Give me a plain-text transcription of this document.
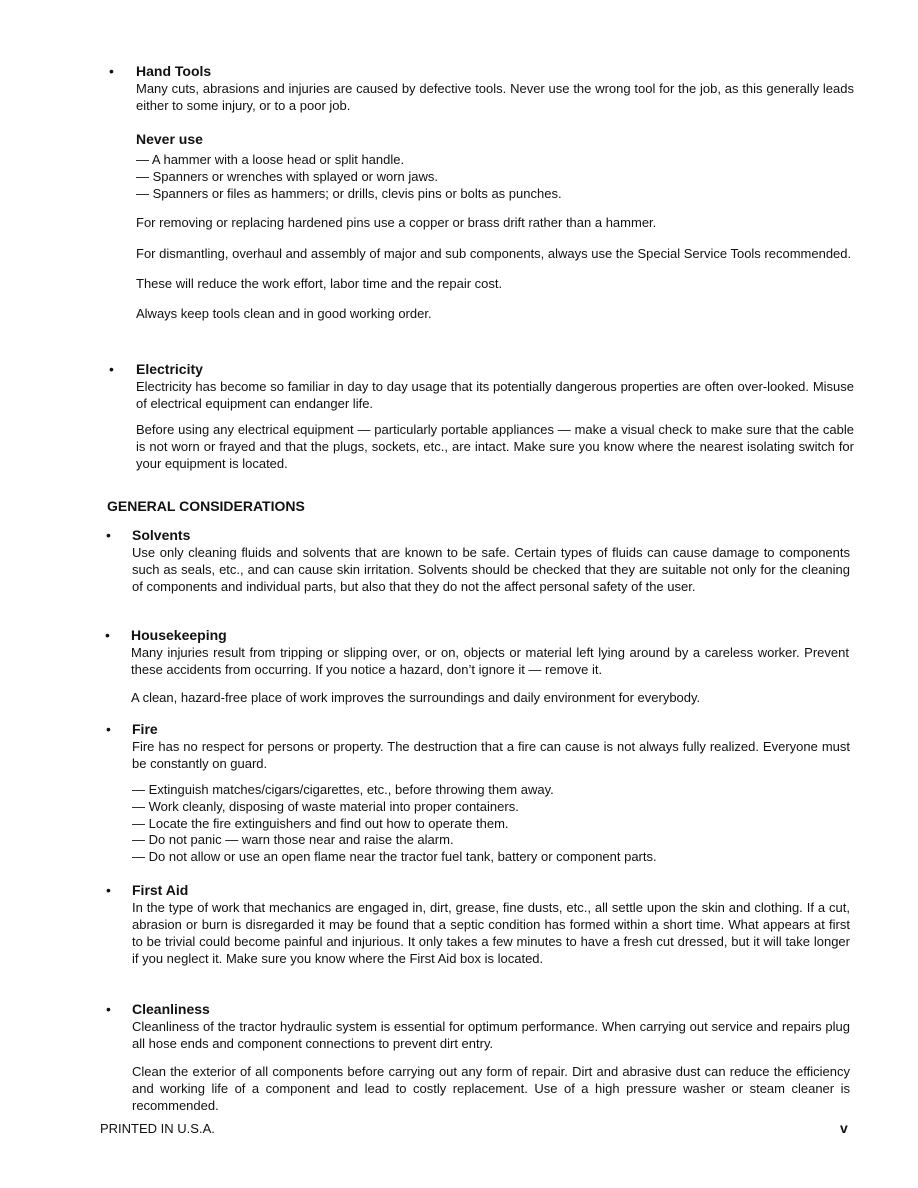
• Hand Tools

Many cuts, abrasions and injuries are caused by defective tools. Never use the wrong tool for the job, as this generally leads either to some injury, or to a poor job.

Never use

— A hammer with a loose head or split handle.
— Spanners or wrenches with splayed or worn jaws.
— Spanners or files as hammers; or drills, clevis pins or bolts as punches.

For removing or replacing hardened pins use a copper or brass drift rather than a hammer.

For dismantling, overhaul and assembly of major and sub components, always use the Special Service Tools recommended.

These will reduce the work effort, labor time and the repair cost.

Always keep tools clean and in good working order.

• Electricity

Electricity has become so familiar in day to day usage that its potentially dangerous properties are often over-looked. Misuse of electrical equipment can endanger life.

Before using any electrical equipment — particularly portable appliances — make a visual check to make sure that the cable is not worn or frayed and that the plugs, sockets, etc., are intact. Make sure you know where the nearest isolating switch for your equipment is located.

GENERAL CONSIDERATIONS
• Solvents

Use only cleaning fluids and solvents that are known to be safe. Certain types of fluids can cause damage to components such as seals, etc., and can cause skin irritation. Solvents should be checked that they are suitable not only for the cleaning of components and individual parts, but also that they do not the affect personal safety of the user.

• Housekeeping

Many injuries result from tripping or slipping over, or on, objects or material left lying around by a careless worker. Prevent these accidents from occurring. If you notice a hazard, don’t ignore it — remove it.

A clean, hazard-free place of work improves the surroundings and daily environment for everybody.

• Fire

Fire has no respect for persons or property. The destruction that a fire can cause is not always fully realized. Everyone must be constantly on guard.

— Extinguish matches/cigars/cigarettes, etc., before throwing them away.
— Work cleanly, disposing of waste material into proper containers.
— Locate the fire extinguishers and find out how to operate them.
— Do not panic — warn those near and raise the alarm.
— Do not allow or use an open flame near the tractor fuel tank, battery or component parts.
• First Aid

In the type of work that mechanics are engaged in, dirt, grease, fine dusts, etc., all settle upon the skin and clothing. If a cut, abrasion or burn is disregarded it may be found that a septic condition has formed within a short time. What appears at first to be trivial could become painful and injurious. It only takes a few minutes to have a fresh cut dressed, but it will take longer if you neglect it. Make sure you know where the First Aid box is located.

• Cleanliness

Cleanliness of the tractor hydraulic system is essential for optimum performance. When carrying out service and repairs plug all hose ends and component connections to prevent dirt entry.

Clean the exterior of all components before carrying out any form of repair. Dirt and abrasive dust can reduce the efficiency and working life of a component and lead to costly replacement. Use of a high pressure washer or steam cleaner is recommended.

PRINTED IN U.S.A.	v
